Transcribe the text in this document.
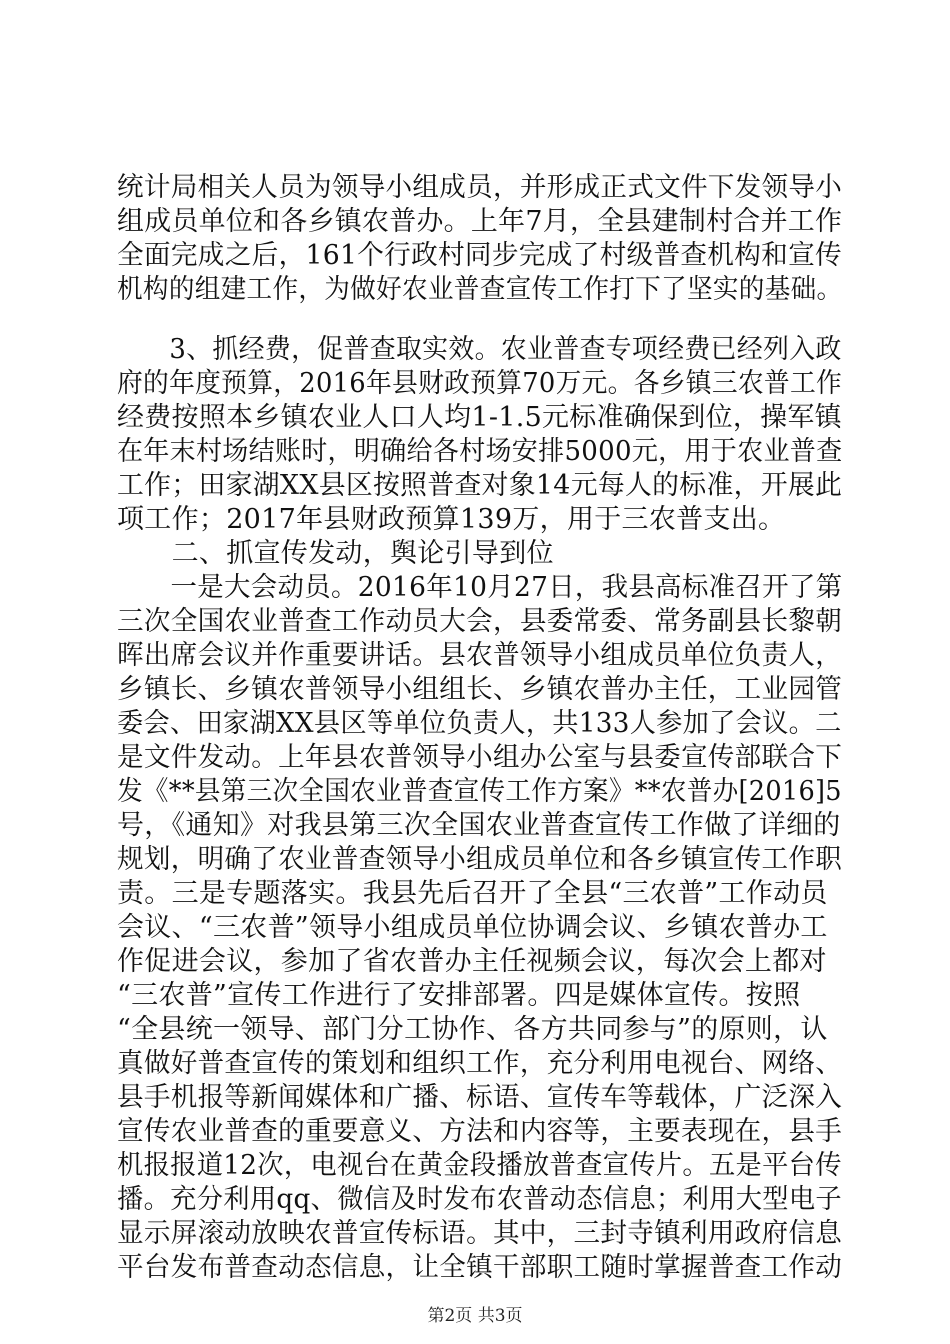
统计局相关人员为领导小组成员，并形成正式文件下发领导小
组成员单位和各乡镇农普办。上年7月，全县建制村合并工作
全面完成之后，161个行政村同步完成了村级普查机构和宣传
机构的组建工作，为做好农业普查宣传工作打下了坚实的基础。
　　3、抓经费，促普查取实效。农业普查专项经费已经列入政
府的年度预算，2016年县财政预算70万元。各乡镇三农普工作
经费按照本乡镇农业人口人均1-1.5元标准确保到位，操军镇
在年末村场结账时，明确给各村场安排5000元，用于农业普查
工作；田家湖XX县区按照普查对象14元每人的标准，开展此
项工作；2017年县财政预算139万，用于三农普支出。
　　二、抓宣传发动，舆论引导到位
　　一是大会动员。2016年10月27日，我县高标准召开了第
三次全国农业普查工作动员大会，县委常委、常务副县长黎朝
晖出席会议并作重要讲话。县农普领导小组成员单位负责人，
乡镇长、乡镇农普领导小组组长、乡镇农普办主任，工业园管
委会、田家湖XX县区等单位负责人，共133人参加了会议。二
是文件发动。上年县农普领导小组办公室与县委宣传部联合下
发《**县第三次全国农业普查宣传工作方案》**农普办[2016]5
号，《通知》对我县第三次全国农业普查宣传工作做了详细的
规划，明确了农业普查领导小组成员单位和各乡镇宣传工作职
责。三是专题落实。我县先后召开了全县“三农普”工作动员
会议、“三农普”领导小组成员单位协调会议、乡镇农普办工
作促进会议，参加了省农普办主任视频会议，每次会上都对
“三农普”宣传工作进行了安排部署。四是媒体宣传。按照
“全县统一领导、部门分工协作、各方共同参与”的原则，认
真做好普查宣传的策划和组织工作，充分利用电视台、网络、
县手机报等新闻媒体和广播、标语、宣传车等载体，广泛深入
宣传农业普查的重要意义、方法和内容等，主要表现在，县手
机报报道12次，电视台在黄金段播放普查宣传片。五是平台传
播。充分利用qq、微信及时发布农普动态信息；利用大型电子
显示屏滚动放映农普宣传标语。其中，三封寺镇利用政府信息
平台发布普查动态信息，让全镇干部职工随时掌握普查工作动
第2页 共3页
